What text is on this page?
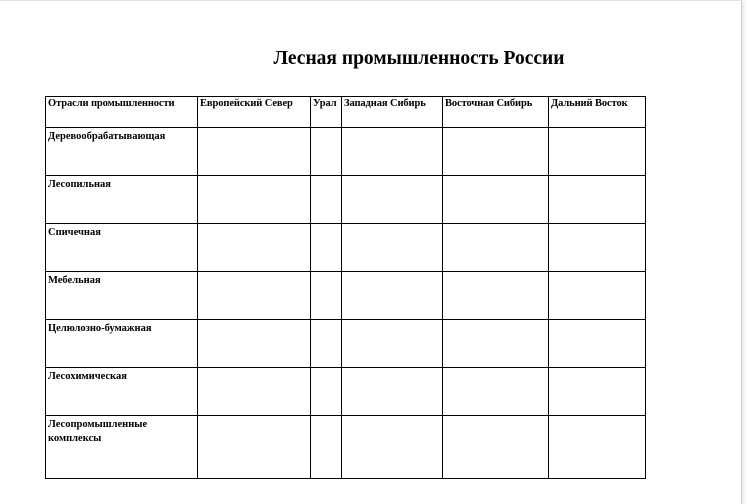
Лесная промышленность России
Отрасли промышленности	Европейский Север	Урал	Западная Сибирь	Восточная Сибирь	Дальний Восток
Деревообрабатывающая					
Лесопильная					
Спичечная					
Мебельная					
Целюлозно-бумажная					
Лесохимическая					
Лесопромышленные комплексы					
